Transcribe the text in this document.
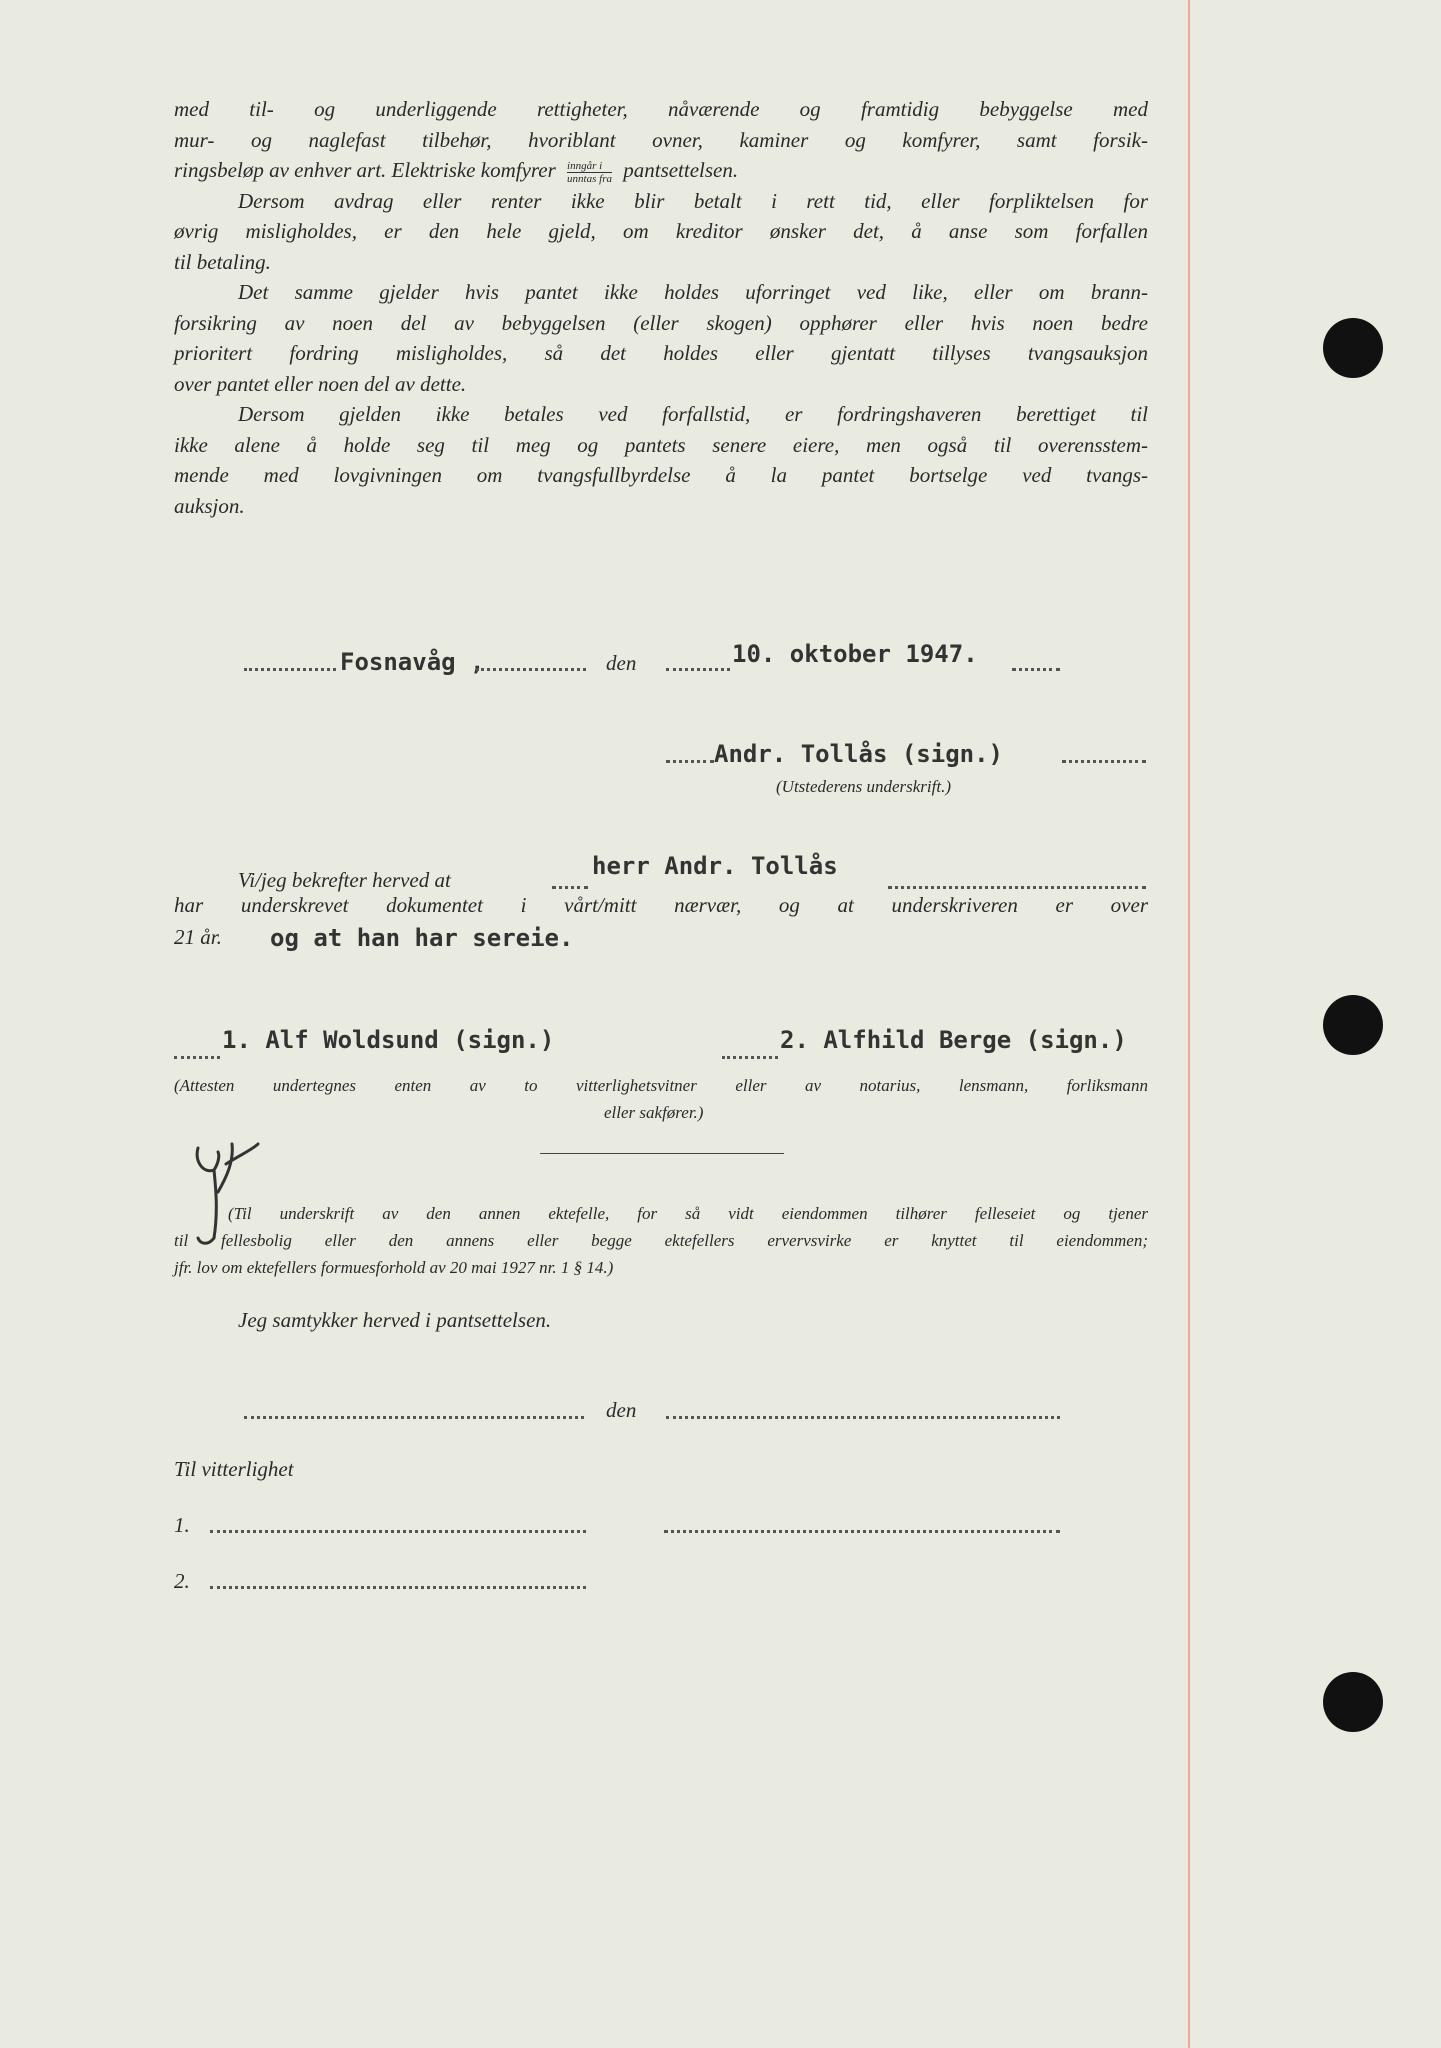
med til- og underliggende rettigheter, nåværende og framtidig bebyggelse med
mur- og naglefast tilbehør, hvoriblant ovner, kaminer og komfyrer, samt forsik-
ringsbeløp av enhver art. Elektriske komfyrer $\frac{\text{inngår i}}{\text{unntas fra}}$ pantsettelsen.
Dersom avdrag eller renter ikke blir betalt i rett tid, eller forpliktelsen for
øvrig misligholdes, er den hele gjeld, om kreditor ønsker det, å anse som forfallen
til betaling.
Det samme gjelder hvis pantet ikke holdes uforringet ved like, eller om brann-
forsikring av noen del av bebyggelsen (eller skogen) opphører eller hvis noen bedre
prioritert fordring misligholdes, så det holdes eller gjentatt tillyses tvangsauksjon
over pantet eller noen del av dette.
Dersom gjelden ikke betales ved forfallstid, er fordringshaveren berettiget til
ikke alene å holde seg til meg og pantets senere eiere, men også til overensstem-
mende med lovgivningen om tvangsfullbyrdelse å la pantet bortselge ved tvangs-
auksjon.
Fosnavåg ,	den	10. oktober 1947.
Andr. Tollås (sign.)
(Utstederens underskrift.)
Vi/jeg bekrefter herved at	herr Andr. Tollås
har underskrevet dokumentet i vårt/mitt nærvær, og at underskriveren er over
21 år. og at han har sereie.
1. Alf Woldsund (sign.)	2. Alfhild Berge (sign.)
(Attesten undertegnes enten av to vitterlighetsvitner eller av notarius, lensmann, forliksmann
eller sakfører.)
(Til underskrift av den annen ektefelle, for så vidt eiendommen tilhører felleseiet og tjener
til fellesbolig eller den annens eller begge ektefellers ervervsvirke er knyttet til eiendommen;
jfr. lov om ektefellers formuesforhold av 20 mai 1927 nr. 1 § 14.)
Jeg samtykker herved i pantsettelsen.
den
Til vitterlighet
1.
2.
